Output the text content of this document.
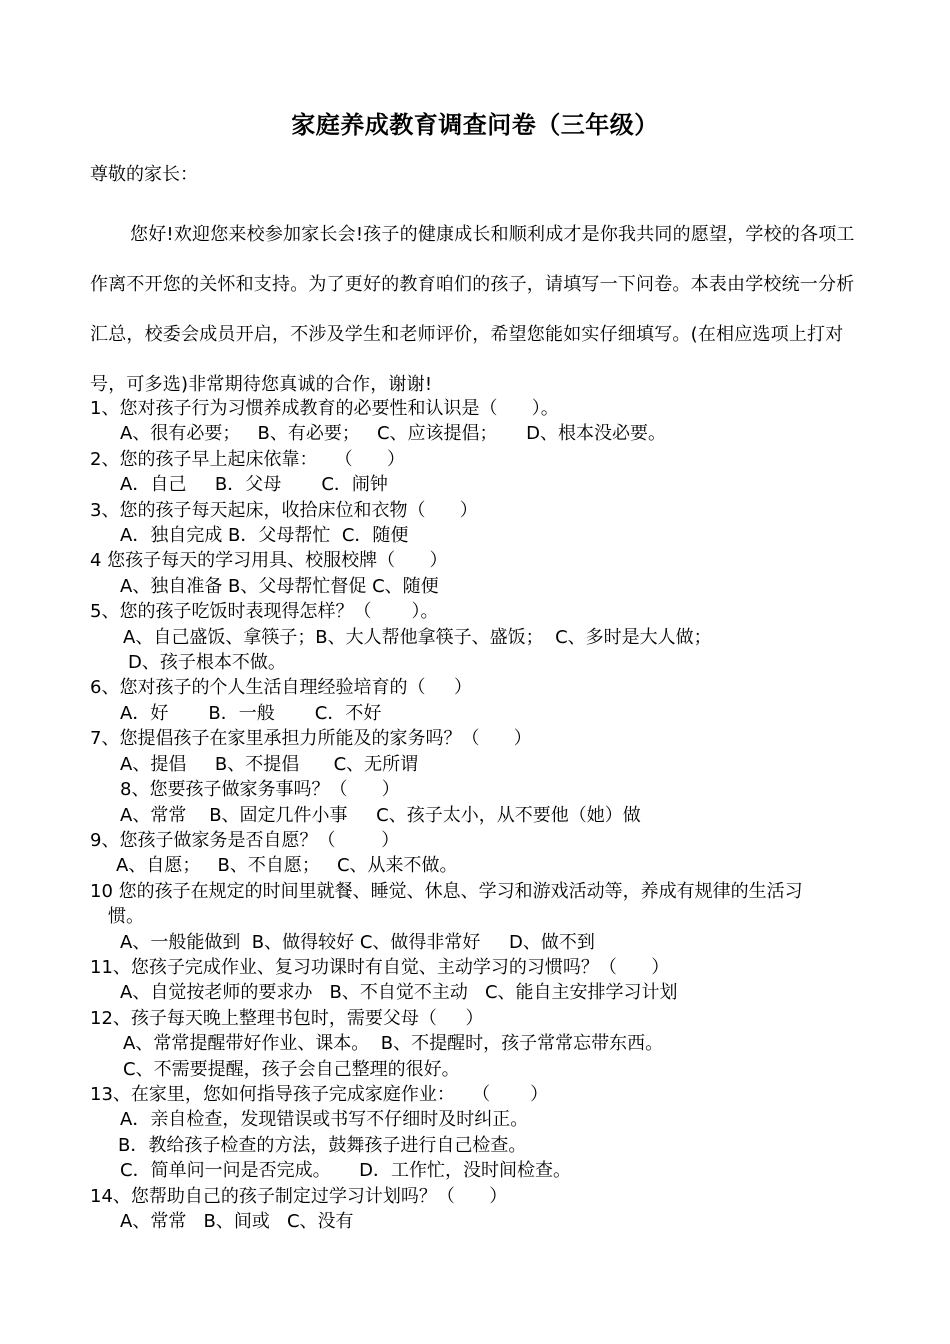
家庭养成教育调查问卷（三年级）
尊敬的家长：
您好!欢迎您来校参加家长会!孩子的健康成长和顺利成才是你我共同的愿望，学校的各项工作离不开您的关怀和支持。为了更好的教育咱们的孩子，请填写一下问卷。本表由学校统一分析汇总，校委会成员开启，不涉及学生和老师评价，希望您能如实仔细填写。(在相应选项上打对号，可多选)非常期待您真诚的合作，谢谢!
1、您对孩子行为习惯养成教育的必要性和认识是（      ）。
A、很有必要；   B、有必要；   C、应该提倡；     D、根本没必要。
2、您的孩子早上起床依靠：   （      ）
A．自己     B．父母       C．闹钟
3、您的孩子每天起床，收拾床位和衣物（      ）
A．独自完成 B．父母帮忙  C．随便
4 您孩子每天的学习用具、校服校牌（      ）
A、独自准备 B、父母帮忙督促 C、随便
5、您的孩子吃饭时表现得怎样？（       ）。
A、自己盛饭、拿筷子；B、大人帮他拿筷子、盛饭；  C、多时是大人做；
D、孩子根本不做。
6、您对孩子的个人生活自理经验培育的（     ）
A．好       B．一般       C．不好
7、您提倡孩子在家里承担力所能及的家务吗？（      ）
A、提倡     B、不提倡      C、无所谓
8、您要孩子做家务事吗？（      ）
A、常常    B、固定几件小事     C、孩子太小，从不要他（她）做
9、您孩子做家务是否自愿？（        ）
A、自愿；   B、不自愿；   C、从来不做。
10 您的孩子在规定的时间里就餐、睡觉、休息、学习和游戏活动等，养成有规律的生活习
惯。
A、一般能做到  B、做得较好 C、做得非常好     D、做不到
11、您孩子完成作业、复习功课时有自觉、主动学习的习惯吗？（      ）
A、自觉按老师的要求办   B、不自觉不主动   C、能自主安排学习计划
12、孩子每天晚上整理书包时，需要父母（     ）
A、常常提醒带好作业、课本。  B、不提醒时，孩子常常忘带东西。
C、不需要提醒，孩子会自己整理的很好。
13、在家里，您如何指导孩子完成家庭作业：   （       ）
A．亲自检查，发现错误或书写不仔细时及时纠正。
B．教给孩子检查的方法，鼓舞孩子进行自己检查。
C．简单问一问是否完成。     D．工作忙，没时间检查。
14、您帮助自己的孩子制定过学习计划吗？（      ）
A、常常   B、间或   C、没有
